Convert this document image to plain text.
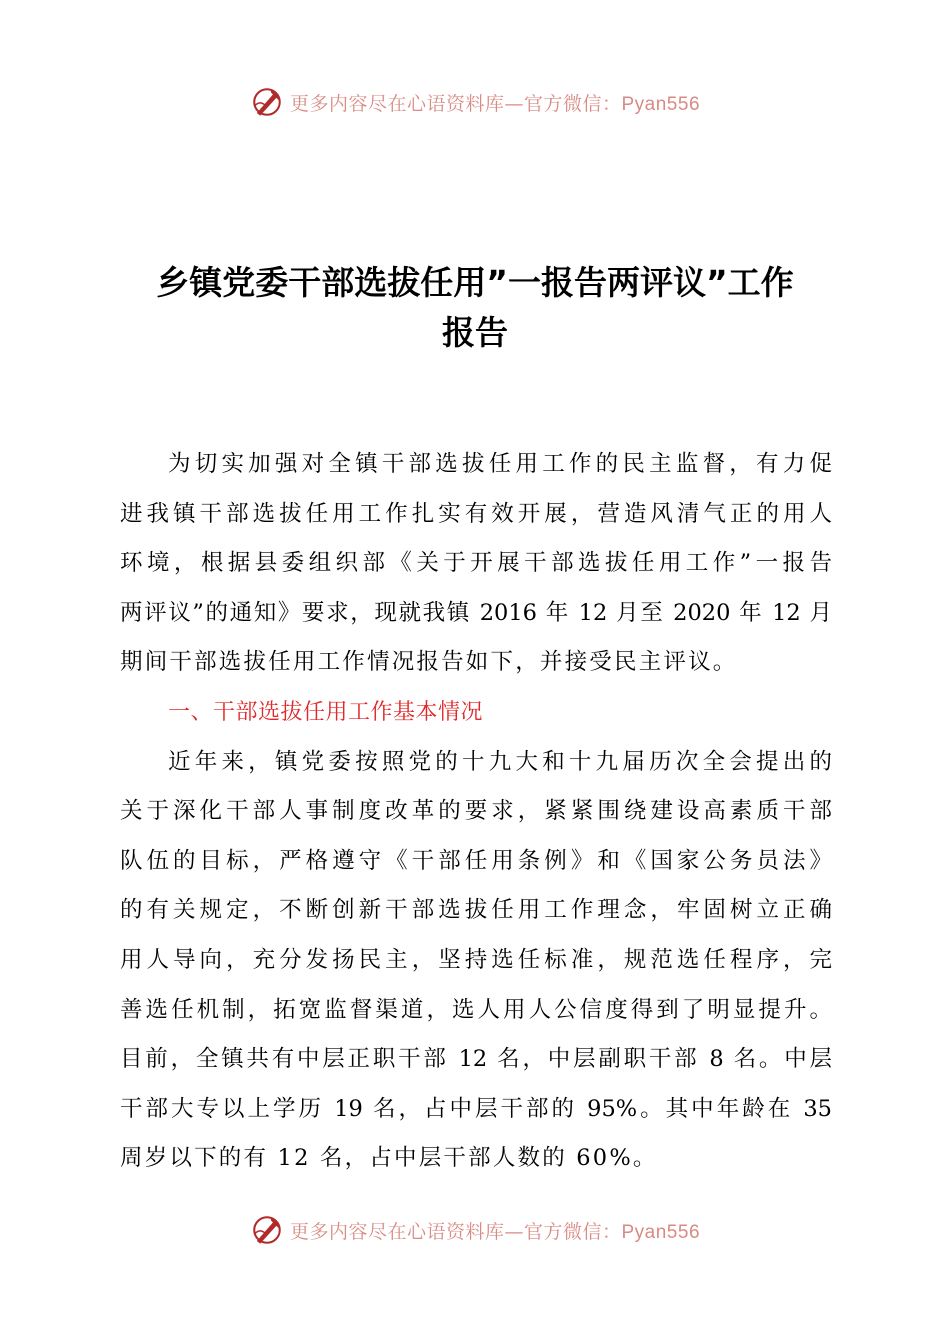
更多内容尽在心语资料库—官方微信：Pyan556
乡镇党委干部选拔任用”一报告两评议”工作
报告
为切实加强对全镇干部选拔任用工作的民主监督，有力促
进我镇干部选拔任用工作扎实有效开展，营造风清气正的用人
环境，根据县委组织部《关于开展干部选拔任用工作”一报告
两评议”的通知》要求，现就我镇 2016 年 12 月至 2020 年 12 月
期间干部选拔任用工作情况报告如下，并接受民主评议。
一、干部选拔任用工作基本情况
近年来，镇党委按照党的十九大和十九届历次全会提出的
关于深化干部人事制度改革的要求，紧紧围绕建设高素质干部
队伍的目标，严格遵守《干部任用条例》和《国家公务员法》
的有关规定，不断创新干部选拔任用工作理念，牢固树立正确
用人导向，充分发扬民主，坚持选任标准，规范选任程序，完
善选任机制，拓宽监督渠道，选人用人公信度得到了明显提升。
目前，全镇共有中层正职干部 12 名，中层副职干部 8 名。中层
干部大专以上学历 19 名，占中层干部的 95%。其中年龄在 35
周岁以下的有 12 名，占中层干部人数的 60%。
更多内容尽在心语资料库—官方微信：Pyan556
